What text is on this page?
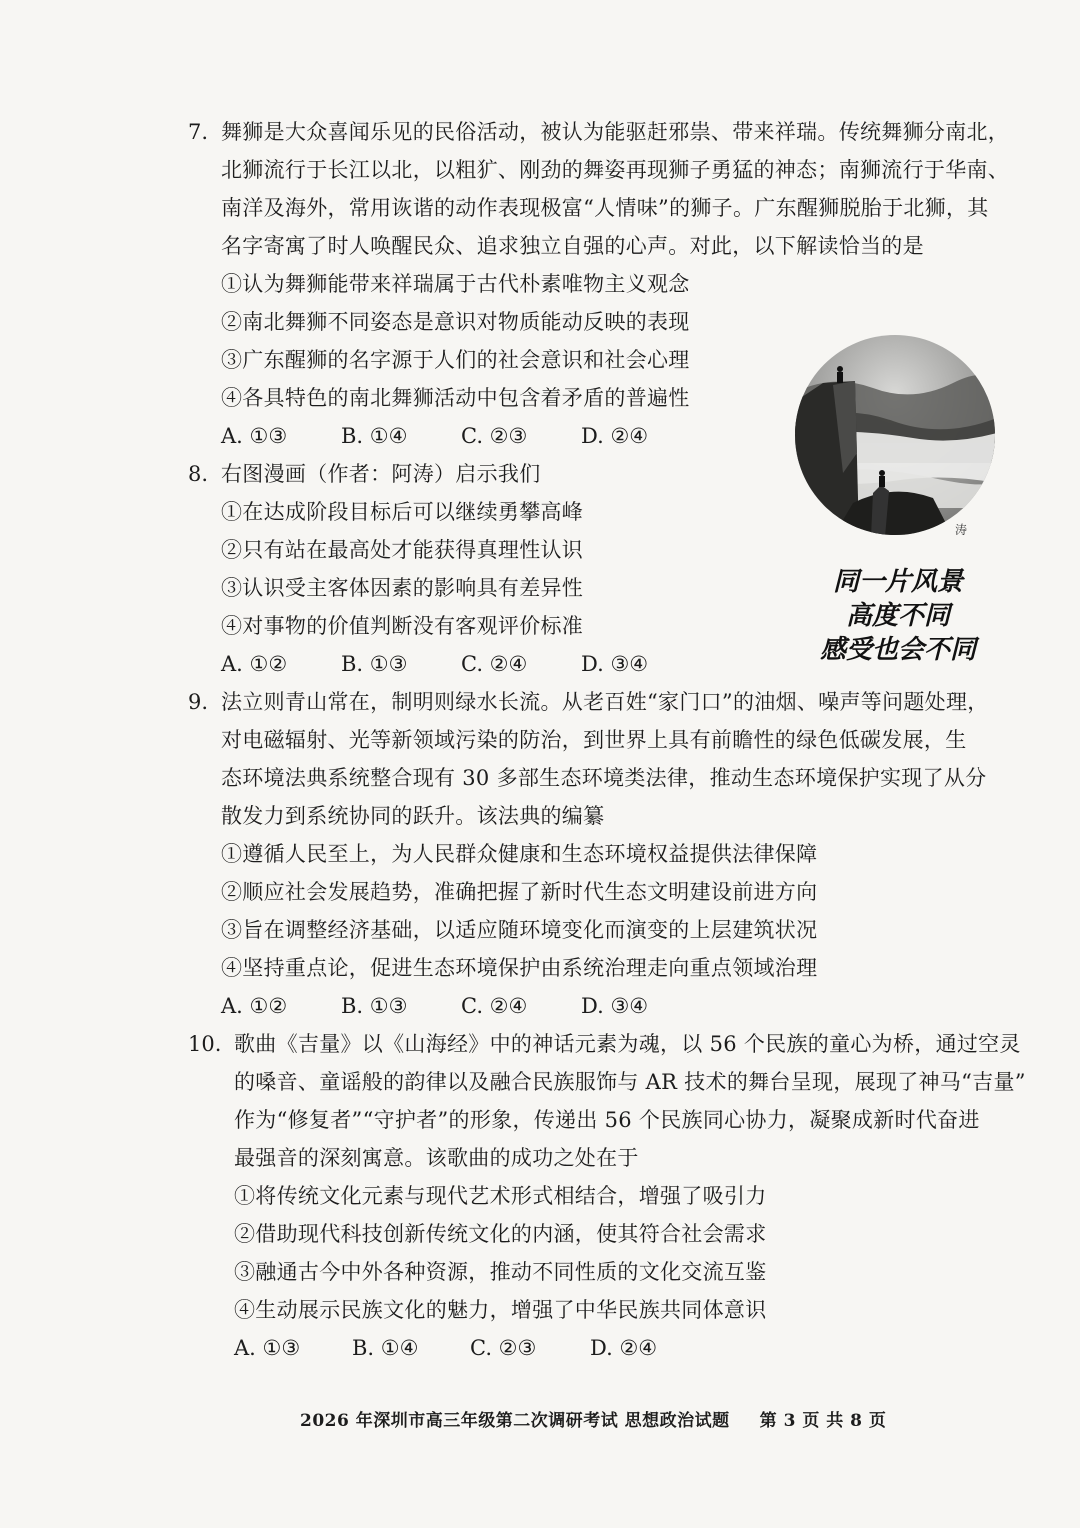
7. 舞狮是大众喜闻乐见的民俗活动，被认为能驱赶邪祟、带来祥瑞。传统舞狮分南北，
北狮流行于长江以北，以粗犷、刚劲的舞姿再现狮子勇猛的神态；南狮流行于华南、
南洋及海外，常用诙谐的动作表现极富“人情味”的狮子。广东醒狮脱胎于北狮，其
名字寄寓了时人唤醒民众、追求独立自强的心声。对此，以下解读恰当的是
①认为舞狮能带来祥瑞属于古代朴素唯物主义观念
②南北舞狮不同姿态是意识对物质能动反映的表现
③广东醒狮的名字源于人们的社会意识和社会心理
④各具特色的南北舞狮活动中包含着矛盾的普遍性
A. ①③	B. ①④	C. ②③	D. ②④
8. 右图漫画（作者：阿涛）启示我们
①在达成阶段目标后可以继续勇攀高峰
②只有站在最高处才能获得真理性认识
③认识受主客体因素的影响具有差异性
④对事物的价值判断没有客观评价标准
A. ①②	B. ①③	C. ②④	D. ③④
涛
同一片风景
高度不同
感受也会不同
9. 法立则青山常在，制明则绿水长流。从老百姓“家门口”的油烟、噪声等问题处理，
对电磁辐射、光等新领域污染的防治，到世界上具有前瞻性的绿色低碳发展，生
态环境法典系统整合现有 30 多部生态环境类法律，推动生态环境保护实现了从分
散发力到系统协同的跃升。该法典的编纂
①遵循人民至上，为人民群众健康和生态环境权益提供法律保障
②顺应社会发展趋势，准确把握了新时代生态文明建设前进方向
③旨在调整经济基础，以适应随环境变化而演变的上层建筑状况
④坚持重点论，促进生态环境保护由系统治理走向重点领域治理
A. ①②	B. ①③	C. ②④	D. ③④
10. 歌曲《吉量》以《山海经》中的神话元素为魂，以 56 个民族的童心为桥，通过空灵
的嗓音、童谣般的韵律以及融合民族服饰与 AR 技术的舞台呈现，展现了神马“吉量”
作为“修复者”“守护者”的形象，传递出 56 个民族同心协力，凝聚成新时代奋进
最强音的深刻寓意。该歌曲的成功之处在于
①将传统文化元素与现代艺术形式相结合，增强了吸引力
②借助现代科技创新传统文化的内涵，使其符合社会需求
③融通古今中外各种资源，推动不同性质的文化交流互鉴
④生动展示民族文化的魅力，增强了中华民族共同体意识
A. ①③ B. ①④ C. ②③	D. ②④
2026 年深圳市高三年级第二次调研考试 思想政治试题 第 3 页 共 8 页
